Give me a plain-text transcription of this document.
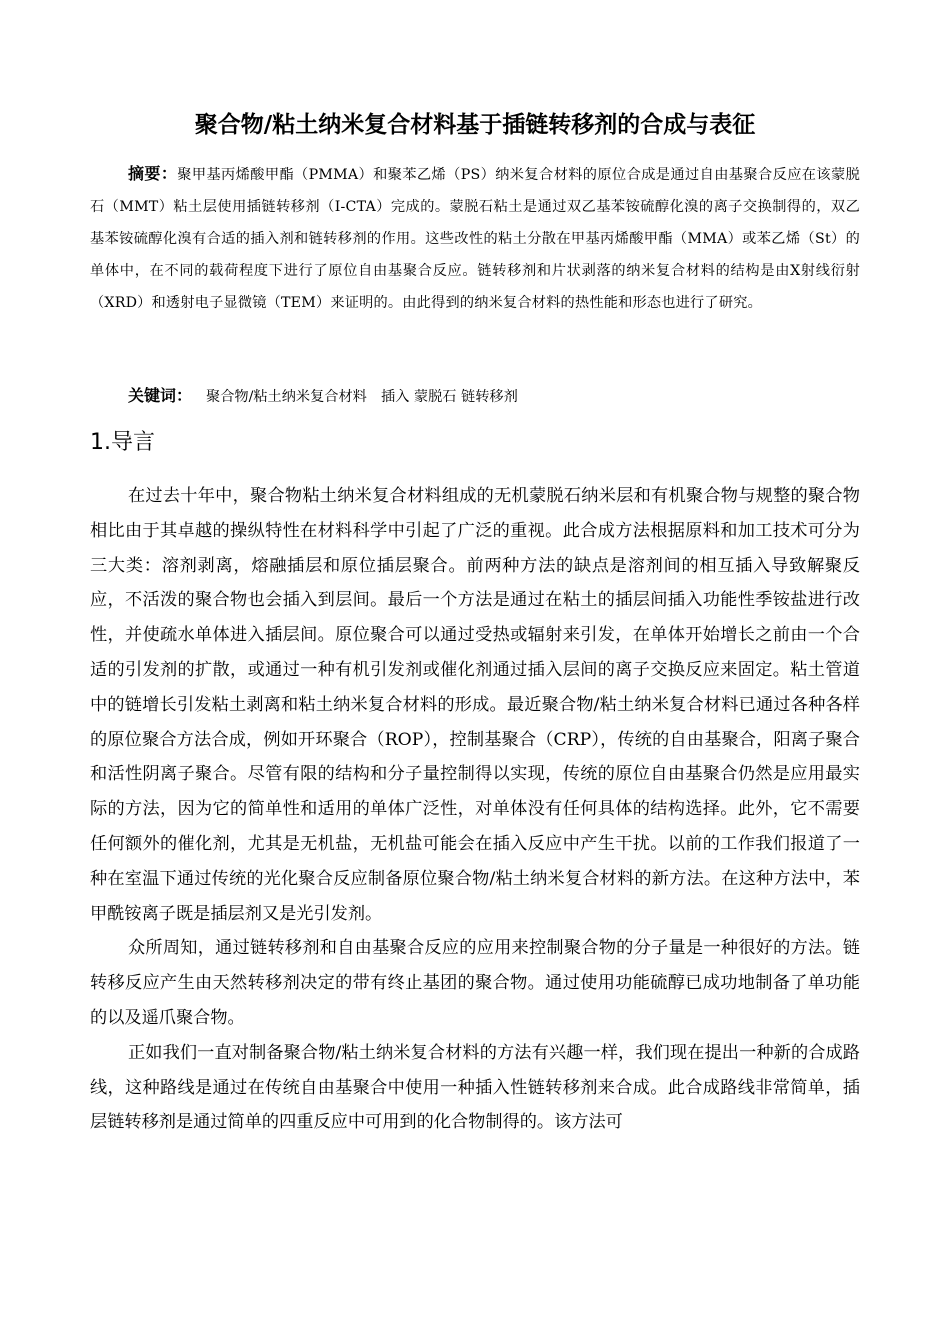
聚合物/粘土纳米复合材料基于插链转移剂的合成与表征
摘要：聚甲基丙烯酸甲酯（PMMA）和聚苯乙烯（PS）纳米复合材料的原位合成是通过自由基聚合反应在该蒙脱石（MMT）粘土层使用插链转移剂（I-CTA）完成的。蒙脱石粘土是通过双乙基苯铵硫醇化溴的离子交换制得的，双乙基苯铵硫醇化溴有合适的插入剂和链转移剂的作用。这些改性的粘土分散在甲基丙烯酸甲酯（MMA）或苯乙烯（St）的单体中，在不同的载荷程度下进行了原位自由基聚合反应。链转移剂和片状剥落的纳米复合材料的结构是由X射线衍射（XRD）和透射电子显微镜（TEM）来证明的。由此得到的纳米复合材料的热性能和形态也进行了研究。
关键词： 聚合物/粘土纳米复合材料　插入 蒙脱石 链转移剂
1.导言

在过去十年中，聚合物粘土纳米复合材料组成的无机蒙脱石纳米层和有机聚合物与规整的聚合物相比由于其卓越的操纵特性在材料科学中引起了广泛的重视。此合成方法根据原料和加工技术可分为三大类：溶剂剥离，熔融插层和原位插层聚合。前两种方法的缺点是溶剂间的相互插入导致解聚反应，不活泼的聚合物也会插入到层间。最后一个方法是通过在粘土的插层间插入功能性季铵盐进行改性，并使疏水单体进入插层间。原位聚合可以通过受热或辐射来引发，在单体开始增长之前由一个合适的引发剂的扩散，或通过一种有机引发剂或催化剂通过插入层间的离子交换反应来固定。粘土管道中的链增长引发粘土剥离和粘土纳米复合材料的形成。最近聚合物/粘土纳米复合材料已通过各种各样的原位聚合方法合成，例如开环聚合（ROP），控制基聚合（CRP），传统的自由基聚合，阳离子聚合和活性阴离子聚合。尽管有限的结构和分子量控制得以实现，传统的原位自由基聚合仍然是应用最实际的方法，因为它的简单性和适用的单体广泛性，对单体没有任何具体的结构选择。此外，它不需要任何额外的催化剂，尤其是无机盐，无机盐可能会在插入反应中产生干扰。以前的工作我们报道了一种在室温下通过传统的光化聚合反应制备原位聚合物/粘土纳米复合材料的新方法。在这种方法中，苯甲酰铵离子既是插层剂又是光引发剂。

众所周知，通过链转移剂和自由基聚合反应的应用来控制聚合物的分子量是一种很好的方法。链转移反应产生由天然转移剂决定的带有终止基团的聚合物。通过使用功能硫醇已成功地制备了单功能的以及遥爪聚合物。

正如我们一直对制备聚合物/粘土纳米复合材料的方法有兴趣一样，我们现在提出一种新的合成路线，这种路线是通过在传统自由基聚合中使用一种插入性链转移剂来合成。此合成路线非常简单，插层链转移剂是通过简单的四重反应中可用到的化合物制得的。该方法可
